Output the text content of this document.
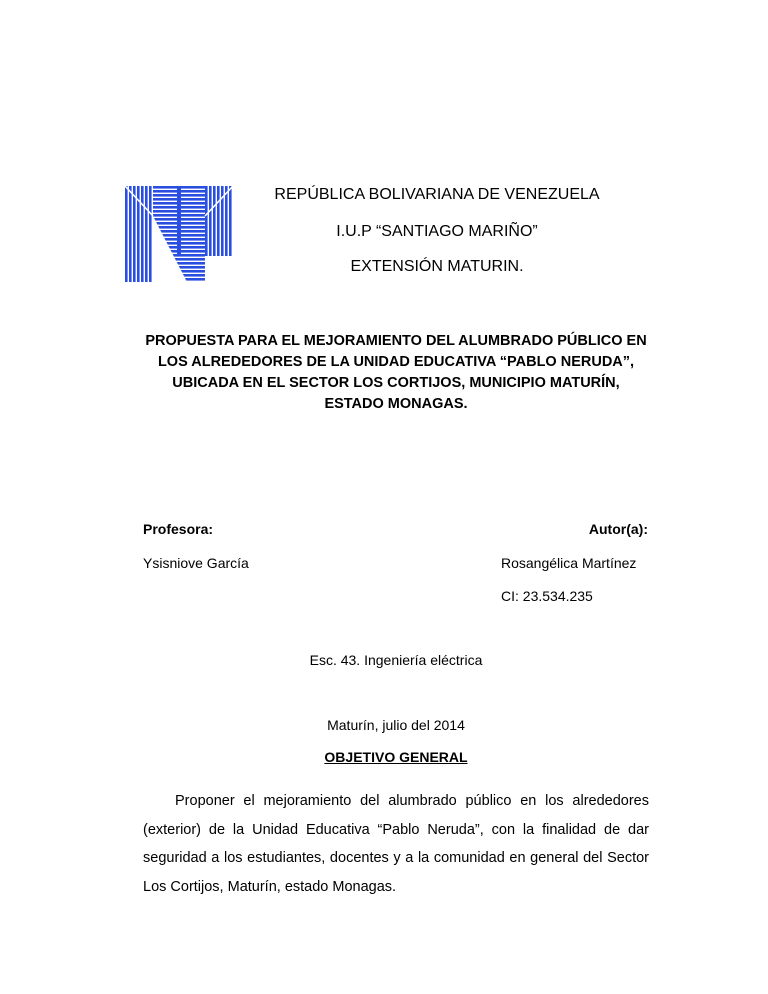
REPÚBLICA BOLIVARIANA DE VENEZUELA
I.U.P “SANTIAGO MARIÑO”
EXTENSIÓN MATURIN.
PROPUESTA PARA EL MEJORAMIENTO DEL ALUMBRADO PÚBLICO EN LOS ALREDEDORES DE LA UNIDAD EDUCATIVA “PABLO NERUDA”, UBICADA EN EL SECTOR LOS CORTIJOS, MUNICIPIO MATURÍN, ESTADO MONAGAS.
Profesora:	Autor(a):
Ysisniove García	Rosangélica Martínez
CI: 23.534.235
Esc. 43. Ingeniería eléctrica
Maturín, julio del 2014
OBJETIVO GENERAL
Proponer el mejoramiento del alumbrado público en los alrededores (exterior) de la Unidad Educativa “Pablo Neruda”, con la finalidad de dar seguridad a los estudiantes, docentes y a la comunidad en general del Sector Los Cortijos, Maturín, estado Monagas.
